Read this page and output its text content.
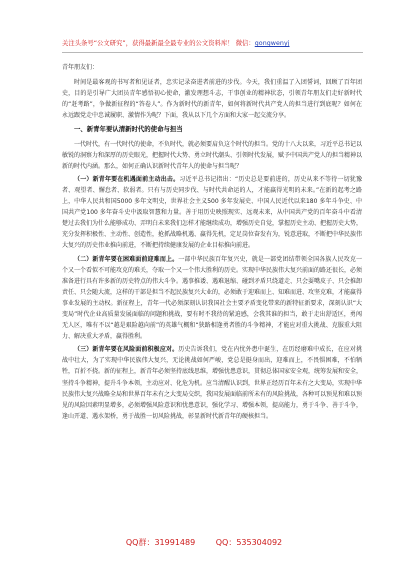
关注头条号“公文研究”，获得最新最全最专业的公文资料库！ 微信：gongwenyj

青年朋友们：

时间是最客观的书写者和见证者，忠实记录奋进者前进的步伐。今天，我们重温了入团誓词，回顾了百年团史，目的是引导广大团员青年感悟初心使命，激发理想斗志，干事创业的精神状态，引领青年朋友们走好新时代的“赶考路”，争做新征程的“答卷人”。作为新时代的新青年，如何将新时代共产党人的担当进行到底呢？如何在永远跟党走中忠诚履职、激情作为呢？下面，我从以下几个方面和大家一起交流分享。

一、新青年要认清新时代的使命与担当

一代时代，有一代时代的使命，不负时代，就必须要肩负这个时代的担当。党的十八大以来，习近平总书记以敏锐的洞察力和深厚的历史眼光，把握时代大势、勇立时代潮头、引领时代发展，赋予中国共产党人的担当精神以新的时代内涵。那么，如何正确认识新时代青年人的使命与担当呢？

（一）新青年要在机遇面前主动出击。习近平总书记指出：“历史总是要前进的，历史从来不等待一切犹豫者、观望者、懈怠者、软弱者。只有与历史同步伐、与时代共命运的人，才能赢得光明的未来。”在新的起考之路上，中华人民共和国5000 多年文明史，世界社会主义500 多年发展史、中国人民近代以来180 多年斗争史、中国共产党100 多年奋斗史中汲取智慧和力量。善于用历史映照现实、远观未来，从中国共产党的百年奋斗中看清楚过去我们为什么能够成功、弄明白未来我们怎样才能继续成功，增强历史自觉，掌握历史主动、把握历史大势，充分发挥积极性、主动性、创造性，抢抓战略机遇、赢得先机，定足岗位奋发有为，锐意进取，不断把中华民族伟大复兴的历史伟业推向前进，不断把持续健康发展的企业目标推向前进。

（二）新青年要在困难面前迎难而上。一部中华民族百年复兴史，就是一部党团结带领全国各族人民攻克一个又一个看似不可能攻克的难关，夺取一个又一个伟大胜利的历史。实现中华民族伟大复兴前面的路还很长，必须准备进行具有许多新的历史特点的伟大斗争。遇事推诿、遇难退缩、碰到矛盾只绕道走、只会耍嘴皮子、只会推卸责任、只会随大流，这样的干部是担当不起民族复兴大业的，必须敢于迎难而上、知难而进、攻坚克难，才能赢得事业发展的主动权。新征程上，青年一代必须深刻认识我国社会主要矛盾变化带来的新特征新要求，深刻认识“大变局”时代企业高质量发展面临的问题和挑战，要有时不我待的紧迫感，会我其谁的担当，敢于走出舒适区，勇闯无人区，唯有不以“越是艰险越向前”的英雄气概和“狭路相逢勇者胜的斗争精神，才能应对重大挑战、克服重大阻力、解决重大矛盾，赢得胜利。

（三）新青年要在风险面前积极应对。历史告诉我们，党在内忧外患中诞生，在历经磨难中成长，在应对挑战中壮大，为了实现中华民族伟大复兴，无论挑战如何严峻，党总是挺身而出，迎难而上，不畏惧困难，不怕牺牲，百折不挠。新的征程上，新青年必须坚持底线思维，增强忧患意识，贯彻总体国家安全观，统筹发展和安全，坚持斗争精神，提升斗争本领，主动应对、化危为机。应当清醒认识到，世界正经历百年未有之大变局，实现中华民族伟大复兴战略全局和世界百年未有之大变局交织，我国发展面临前所未有的风险挑战，各种可以预见和难以预见的风险因素明显增多，必须增强风险意识和忧患意识，强化学习、增强本领，提高能力，勇于斗争、善于斗争，逢山开道、遇水架桥，勇于战胜一切风险挑战，彰显新时代新青年的硬核担当。

QQ群：31991489	QQ：535304092
